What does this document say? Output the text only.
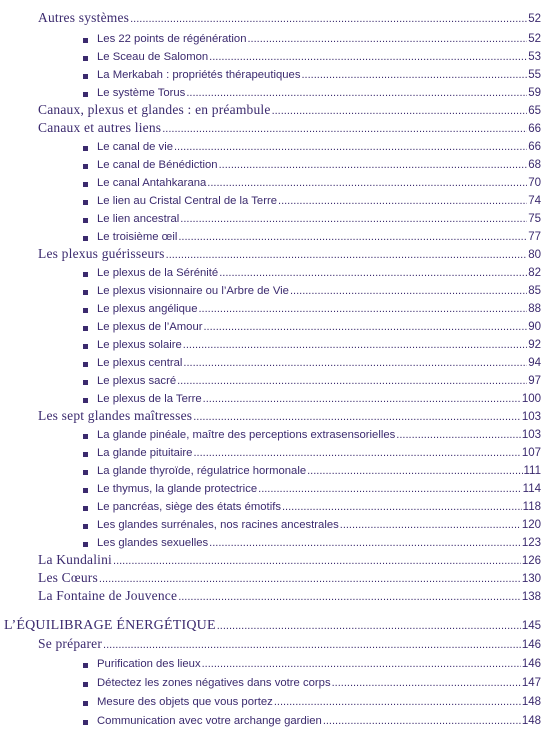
Autres systèmes .....	52
Les 22 points de régénération .....	52
Le Sceau de Salomon .....	53
La Merkabah : propriétés thérapeutiques .....	55
Le système Torus .....	59
Canaux, plexus et glandes : en préambule .....	65
Canaux et autres liens .....	66
Le canal de vie .....	66
Le canal de Bénédiction .....	68
Le canal Antahkarana .....	70
Le lien au Cristal Central de la Terre .....	74
Le lien ancestral .....	75
Le troisième œil .....	77
Les plexus guérisseurs .....	80
Le plexus de la Sérénité .....	82
Le plexus visionnaire ou l’Arbre de Vie .....	85
Le plexus angélique .....	88
Le plexus de l’Amour .....	90
Le plexus solaire .....	92
Le plexus central .....	94
Le plexus sacré .....	97
Le plexus de la Terre .....	100
Les sept glandes maîtresses .....	103
La glande pinéale, maître des perceptions extrasensorielles .....	103
La glande pituitaire .....	107
La glande thyroïde, régulatrice hormonale .....	111
Le thymus, la glande protectrice .....	114
Le pancréas, siège des états émotifs .....	118
Les glandes surrénales, nos racines ancestrales .....	120
Les glandes sexuelles .....	123
La Kundalini .....	126
Les Cœurs .....	130
La Fontaine de Jouvence .....	138
L’ÉQUILIBRAGE ÉNERGÉTIQUE .....	145
Se préparer .....	146
Purification des lieux .....	146
Détectez les zones négatives dans votre corps .....	147
Mesure des objets que vous portez .....	148
Communication avec votre archange gardien .....	148
